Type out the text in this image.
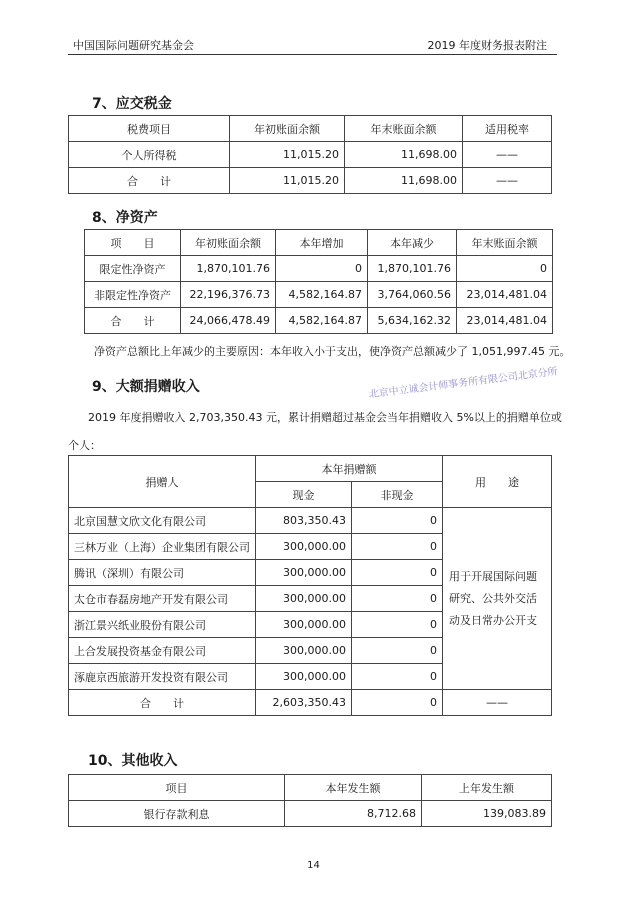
中国国际问题研究基金会	2019 年度财务报表附注
7、应交税金
税费项目	年初账面余额	年末账面余额	适用税率
个人所得税	11,015.20	11,698.00	——
合　　计	11,015.20	11,698.00	——
8、净资产
项　　目	年初账面余额	本年增加	本年减少	年末账面余额
限定性净资产	1,870,101.76	0	1,870,101.76	0
非限定性净资产	22,196,376.73	4,582,164.87	3,764,060.56	23,014,481.04
合　　计	24,066,478.49	4,582,164.87	5,634,162.32	23,014,481.04
净资产总额比上年减少的主要原因：本年收入小于支出，使净资产总额减少了 1,051,997.45 元。
9、大额捐赠收入	北京中立诚会计师事务所有限公司北京分所
2019 年度捐赠收入 2,703,350.43 元，累计捐赠超过基金会当年捐赠收入 5%以上的捐赠单位或
个人：
捐赠人	本年捐赠额		用　　途
	现金	非现金	
北京国慧文欣文化有限公司	803,350.43	0	用于开展国际问题研究、公共外交活动及日常办公开支
三林万业（上海）企业集团有限公司	300,000.00	0	
腾讯（深圳）有限公司	300,000.00	0	
太仓市春磊房地产开发有限公司	300,000.00	0	
浙江景兴纸业股份有限公司	300,000.00	0	
上合发展投资基金有限公司	300,000.00	0	
涿鹿京西旅游开发投资有限公司	300,000.00	0	
合　　计	2,603,350.43	0	——
10、其他收入
项目	本年发生额	上年发生额
银行存款利息	8,712.68	139,083.89
14
